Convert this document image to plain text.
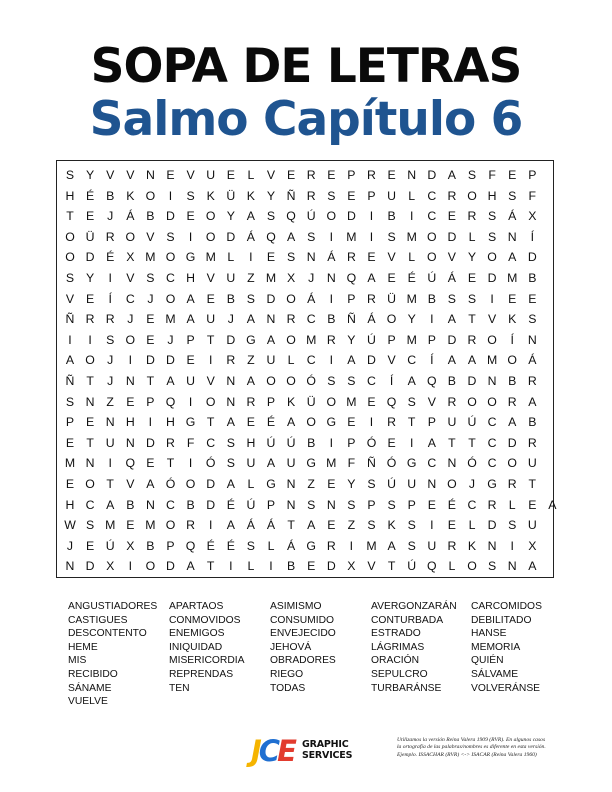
SOPA DE LETRAS
Salmo Capítulo 6
S Y V V N E V U E	L	V E R E P R E N D A S F E P
H É B K O	I	S K Ü K Y Ñ R S E P U L C R O H S F
T E	J	Á B D E O Y A S Q Ú O D	I	B	I	C E R S Á X
O Ü R O V S	I	O D Á Q A S	I	M	I	S M O D L	S N	Í
O D É X M O G M L	I	E S N Á R E V	L O V Y O A D
S Y	I	V S C H V U Z M X	J	N Q A E É Ú Á E D M B
V E	Í	C	J O A E B S D O Á	I	P R Ü M B S S	I	E E
Ñ R R	J	E M A U	J	A N R C B Ñ Á O Y	I	A T V K S
I	I	S O E	J	P T D G A O M R Y Ú P M P D R O	Í	N
A O J	I	D D E	I	R Z U L C	I	A D V C	Í	A A M O Á
Ñ T	J	N T A U V N A O O Ó S S C	Í	A Q B D N B R
S N Z E P Q	I	O N R P K Ü O M E Q S V R O O R A
P E N H	I	H G T A E É A O G E	I	R T P U Ú C A B
E T U N D R F C S H Ú Ú B	I	P Ó E	I	A T	T C D R
M N	I	Q E T	I	Ó S U A U G M F Ñ Ó G C N Ó C O U
E O T V A Ó O D A	L G N Z E Y S Ú U N O J G R T
H C A B N C B D É Ú P N S N S P S P E É C R L	E A
W S M E M O R	I	A Á Á T A E Z S K S	I	E	L D S U
J	E Ú X B P Q É É S	L	Á G R	I	M A S U R K N	I	X
N D X	I	O D A T	I	L	I	B E D X V T Ú Q L O S N A
ANGUSTIADORES
CASTIGUES
DESCONTENTO
HEME
MIS
RECIBIDO
SÁNAME
VUELVE
APARTAOS
CONMOVIDOS
ENEMIGOS
INIQUIDAD
MISERICORDIA
REPRENDAS
TEN
ASIMISMO
CONSUMIDO
ENVEJECIDO
JEHOVÁ
OBRADORES
RIEGO
TODAS
AVERGONZARÁN
CONTURBADA
ESTRADO
LÁGRIMAS
ORACIÓN
SEPULCRO
TURBARÁNSE
CARCOMIDOS
DEBILITADO
HANSE
MEMORIA
QUIÉN
SÁLVAME
VOLVERÁNSE
JCE GRAPHIC
SERVICES
Utilizamos la versión Reina Valera 1909 (RVR). En algunos casos
la ortografía de las palabras/nombres es diferente en esta versión.
Ejemplo. ISSACHAR (RVR) <-> ISACAR (Reina Valera 1960)
